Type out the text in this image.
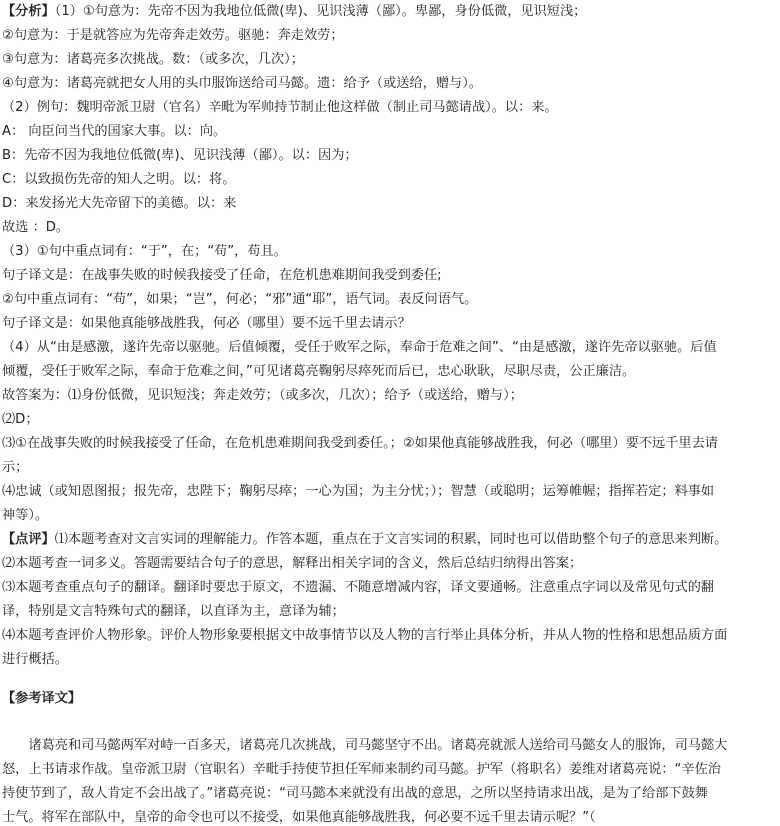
【分析】（1）①句意为：先帝不因为我地位低微(卑)、见识浅薄（鄙）。卑鄙，身份低微，见识短浅；
②句意为：于是就答应为先帝奔走效劳。驱驰：奔走效劳；
③句意为：诸葛亮多次挑战。数：（或多次，几次）；
④句意为：诸葛亮就把女人用的头巾服饰送给司马懿。遗：给予（或送给，赠与）。
（2）例句：魏明帝派卫尉（官名）辛毗为军帅持节制止他这样做（制止司马懿请战）。以：来。
A： 向臣问当代的国家大事。以：向。
B：先帝不因为我地位低微(卑)、见识浅薄（鄙）。以：因为；
C：以致损伤先帝的知人之明。以：将。
D：来发扬光大先帝留下的美德。以：来
故选 ：D。
（3）①句中重点词有：“于”，在；“苟”，苟且。
句子译文是：在战事失败的时候我接受了任命，在危机患难期间我受到委任;
②句中重点词有：“苟”，如果；“岂”，何必；“邪”通“耶”，语气词。表反问语气。
句子译文是：如果他真能够战胜我，何必（哪里）要不远千里去请示？
（4）从“由是感激，遂许先帝以驱驰。后值倾覆，受任于败军之际，奉命于危难之间”、“由是感激，遂许先帝以驱驰。后值
倾覆，受任于败军之际，奉命于危难之间，”可见诸葛亮鞠躬尽瘁死而后已，忠心耿耿，尽职尽责，公正廉洁。
故答案为：⑴身份低微，见识短浅；奔走效劳；（或多次，几次）；给予（或送给，赠与）；
⑵D；
⑶①在战事失败的时候我接受了任命，在危机患难期间我受到委任。；②如果他真能够战胜我，何必（哪里）要不远千里去请
示；
⑷忠诚（或知恩图报；报先帝，忠陛下；鞠躬尽瘁；一心为国；为主分忧；）；智慧（或聪明；运筹帷幄；指挥若定；料事如
神等）。
【点评】⑴本题考查对文言实词的理解能力。作答本题，重点在于文言实词的积累，同时也可以借助整个句子的意思来判断。
⑵本题考查一词多义。答题需要结合句子的意思，解释出相关字词的含义，然后总结归纳得出答案；
⑶本题考查重点句子的翻译。翻译时要忠于原文，不遗漏、不随意增减内容，译文要通畅。注意重点字词以及常见句式的翻
译，特别是文言特殊句式的翻译，以直译为主，意译为辅；
⑷本题考查评价人物形象。评价人物形象要根据文中故事情节以及人物的言行举止具体分析，并从人物的性格和思想品质方面
进行概括。
【参考译文】
诸葛亮和司马懿两军对峙一百多天，诸葛亮几次挑战，司马懿坚守不出。诸葛亮就派人送给司马懿女人的服饰，司马懿大
怒，上书请求作战。皇帝派卫尉（官职名）辛毗手持使节担任军师来制约司马懿。护军（将职名）姜维对诸葛亮说：“辛佐治
持使节到了，敌人肯定不会出战了。”诸葛亮说：“司马懿本来就没有出战的意思，之所以坚持请求出战，是为了给部下鼓舞
士气。将军在部队中，皇帝的命令也可以不接受，如果他真能够战胜我，何必要不远千里去请示呢？”（
